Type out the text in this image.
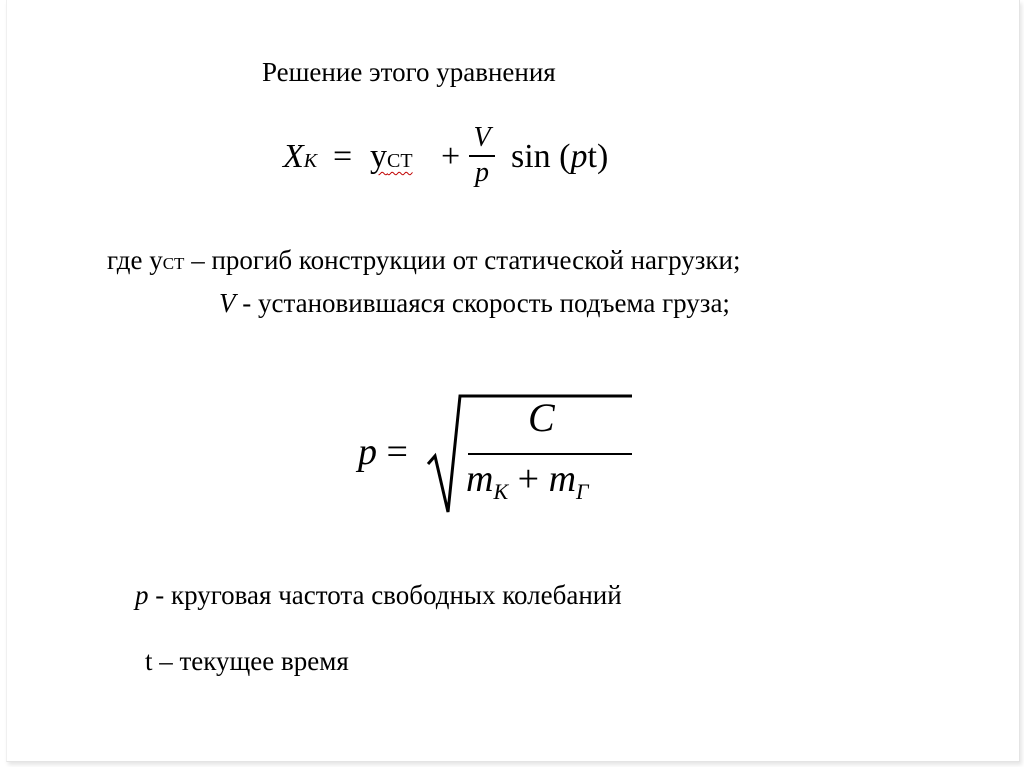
Решение этого уравнения
XК = уСТ +
V
p sin (pt)
где уСТ – прогиб конструкции от статической нагрузки;
V - установившаяся скорость подъема груза;
p =
C
$m_K + m_Г$
p - круговая частота свободных колебаний
t – текущее время
